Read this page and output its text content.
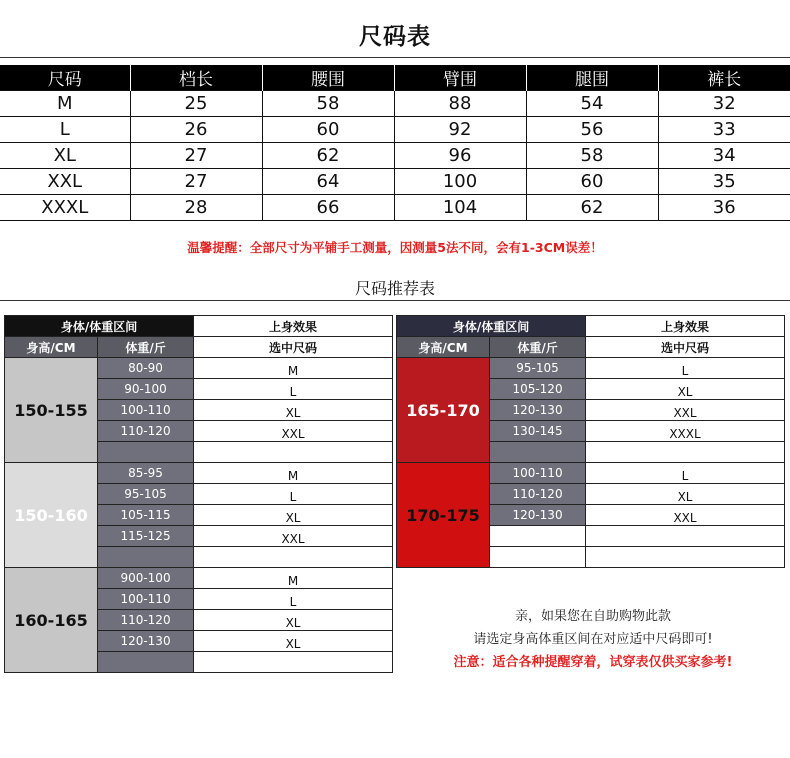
尺码表
尺码	档长	腰围	臂围	腿围	裤长
M	25	58	88	54	32
L	26	60	92	56	33
XL	27	62	96	58	34
XXL	27	64	100	60	35
XXXL	28	66	104	62	36
温馨提醒：全部尺寸为平铺手工测量，因测量5法不同，会有1-3CM误差！
尺码推荐表
身体/体重区间		上身效果
身高/CM	体重/斤	选中尺码
150-155	80-90	M
	90-100	L
	100-110	XL
	110-120	XXL

150-160	85-95	M
	95-105	L
	105-115	XL
	115-125	XXL

160-165	900-100	M
	100-110	L
	110-120	XL
	120-130	XL

身体/体重区间		上身效果
身高/CM	体重/斤	选中尺码
165-170	95-105	L
	105-120	XL
	120-130	XXL
	130-145	XXXL

170-175	100-110	L
	110-120	XL
	120-130	XXL

亲，如果您在自助购物此款
请选定身高体重区间在对应适中尺码即可!
注意：适合各种提醒穿着，试穿表仅供买家参考!
